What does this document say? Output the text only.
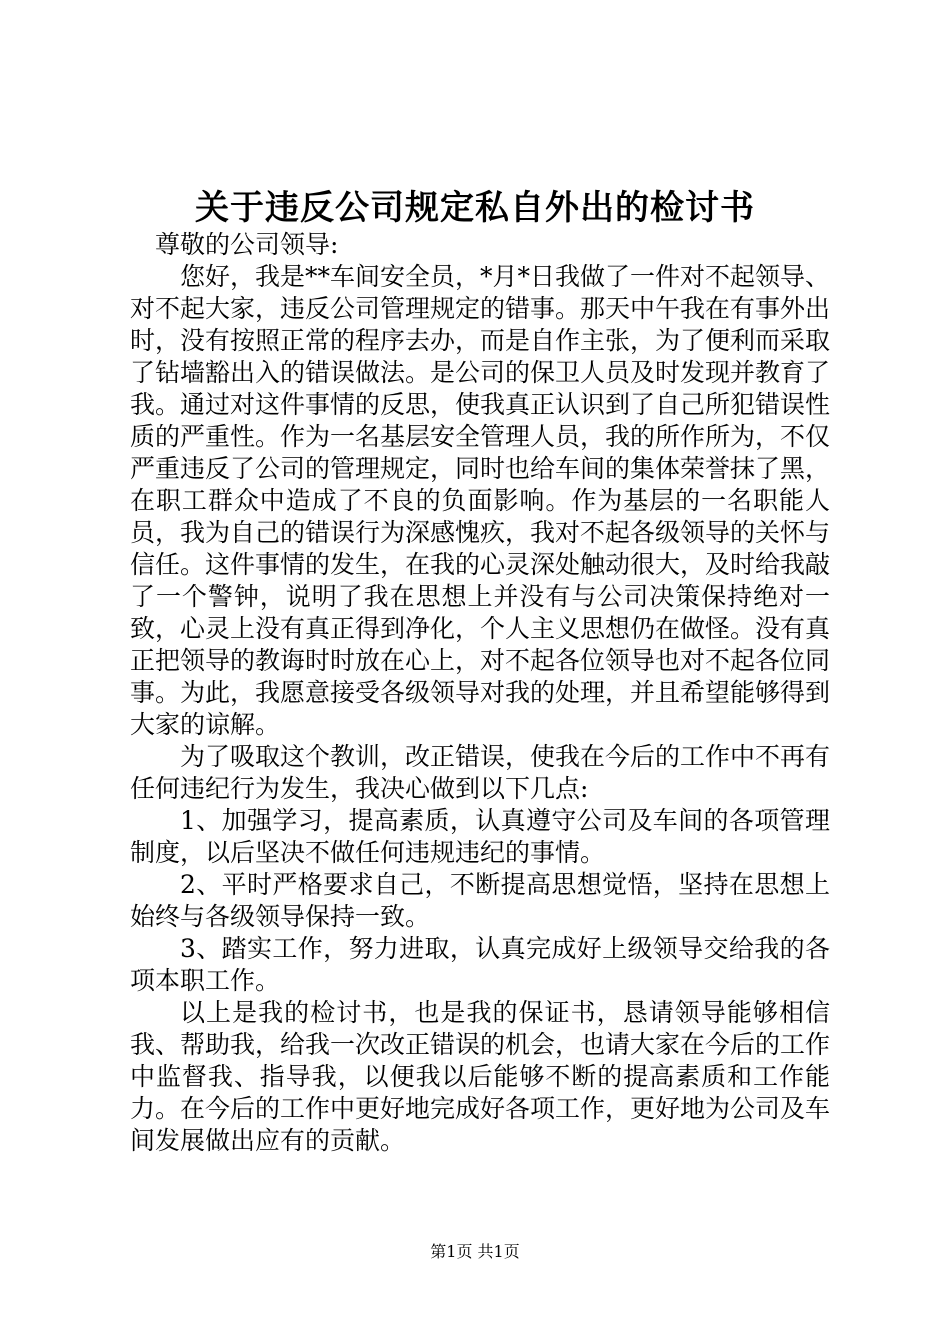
关于违反公司规定私自外出的检讨书

尊敬的公司领导:

您好，我是**车间安全员，*月*日我做了一件对不起领导、对不起大家，违反公司管理规定的错事。那天中午我在有事外出时，没有按照正常的程序去办，而是自作主张，为了便利而采取了钻墙豁出入的错误做法。是公司的保卫人员及时发现并教育了我。通过对这件事情的反思，使我真正认识到了自己所犯错误性质的严重性。作为一名基层安全管理人员，我的所作所为，不仅严重违反了公司的管理规定，同时也给车间的集体荣誉抹了黑，在职工群众中造成了不良的负面影响。作为基层的一名职能人员，我为自己的错误行为深感愧疚，我对不起各级领导的关怀与信任。这件事情的发生，在我的心灵深处触动很大，及时给我敲了一个警钟，说明了我在思想上并没有与公司决策保持绝对一致，心灵上没有真正得到净化，个人主义思想仍在做怪。没有真正把领导的教诲时时放在心上，对不起各位领导也对不起各位同事。为此，我愿意接受各级领导对我的处理，并且希望能够得到大家的谅解。

为了吸取这个教训，改正错误，使我在今后的工作中不再有任何违纪行为发生，我决心做到以下几点:

1、加强学习，提高素质，认真遵守公司及车间的各项管理制度，以后坚决不做任何违规违纪的事情。

2、平时严格要求自己，不断提高思想觉悟，坚持在思想上始终与各级领导保持一致。

3、踏实工作，努力进取，认真完成好上级领导交给我的各项本职工作。

以上是我的检讨书，也是我的保证书，恳请领导能够相信我、帮助我，给我一次改正错误的机会，也请大家在今后的工作中监督我、指导我，以便我以后能够不断的提高素质和工作能力。在今后的工作中更好地完成好各项工作，更好地为公司及车间发展做出应有的贡献。

第1页 共1页
